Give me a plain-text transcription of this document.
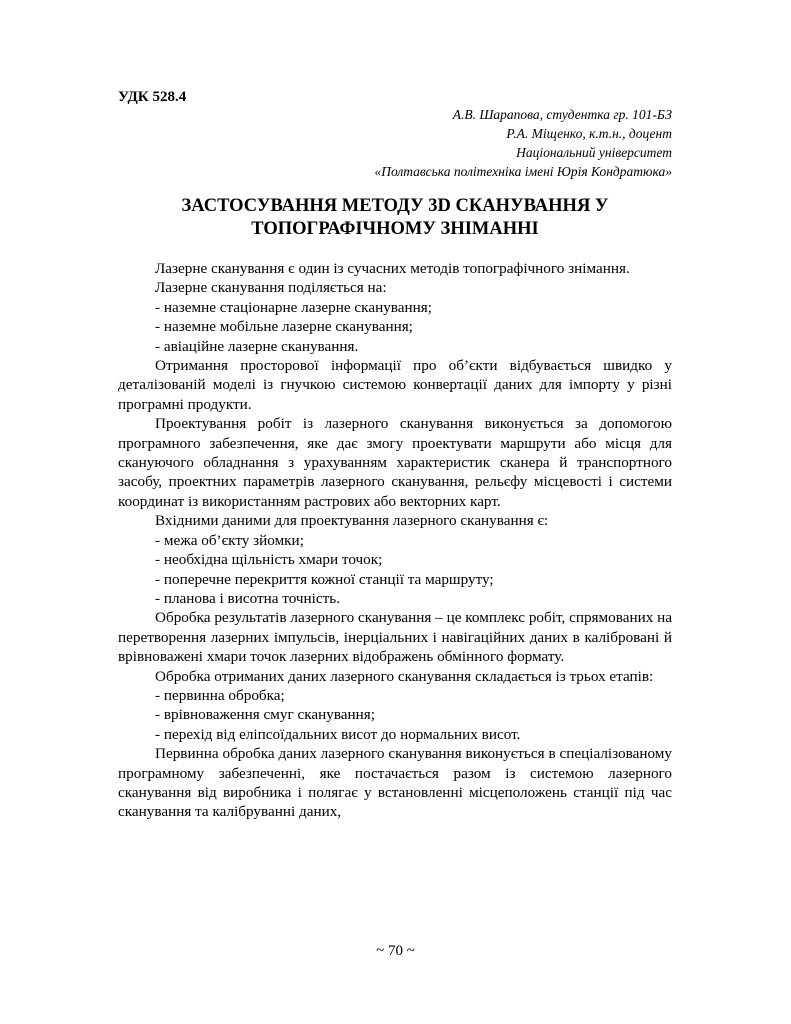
УДК 528.4
А.В. Шарапова, студентка гр. 101-БЗ
Р.А. Міщенко, к.т.н., доцент
Національний університет
«Полтавська політехніка імені Юрія Кондратюка»
ЗАСТОСУВАННЯ МЕТОДУ 3D СКАНУВАННЯ У
ТОПОГРАФІЧНОМУ ЗНІМАННІ

Лазерне сканування є один із сучасних методів топографічного знімання.

Лазерне сканування поділяється на:

- наземне стаціонарне лазерне сканування;

- наземне мобільне лазерне сканування;

- авіаційне лазерне сканування.

Отримання просторової інформації про об’єкти відбувається швидко у деталізованій моделі із гнучкою системою конвертації даних для імпорту у різні програмні продукти.

Проектування робіт із лазерного сканування виконується за допомогою програмного забезпечення, яке дає змогу проектувати маршрути або місця для скануючого обладнання з урахуванням характеристик сканера й транспортного засобу, проектних параметрів лазерного сканування, рельєфу місцевості і системи координат із використанням растрових або векторних карт.

Вхідними даними для проектування лазерного сканування є:

- межа об’єкту зйомки;

- необхідна щільність хмари точок;

- поперечне перекриття кожної станції та маршруту;

- планова і висотна точність.

Обробка результатів лазерного сканування – це комплекс робіт, спрямованих на перетворення лазерних імпульсів, інерціальних і навігаційних даних в калібровані й врівноважені хмари точок лазерних відображень обмінного формату.

Обробка отриманих даних лазерного сканування складається із трьох етапів:

- первинна обробка;

- врівноваження смуг сканування;

- перехід від еліпсоїдальних висот до нормальних висот.

Первинна обробка даних лазерного сканування виконується в спеціалізованому програмному забезпеченні, яке постачається разом із системою лазерного сканування від виробника і полягає у встановленні місцеположень станції під час сканування та калібруванні даних,

~ 70 ~
